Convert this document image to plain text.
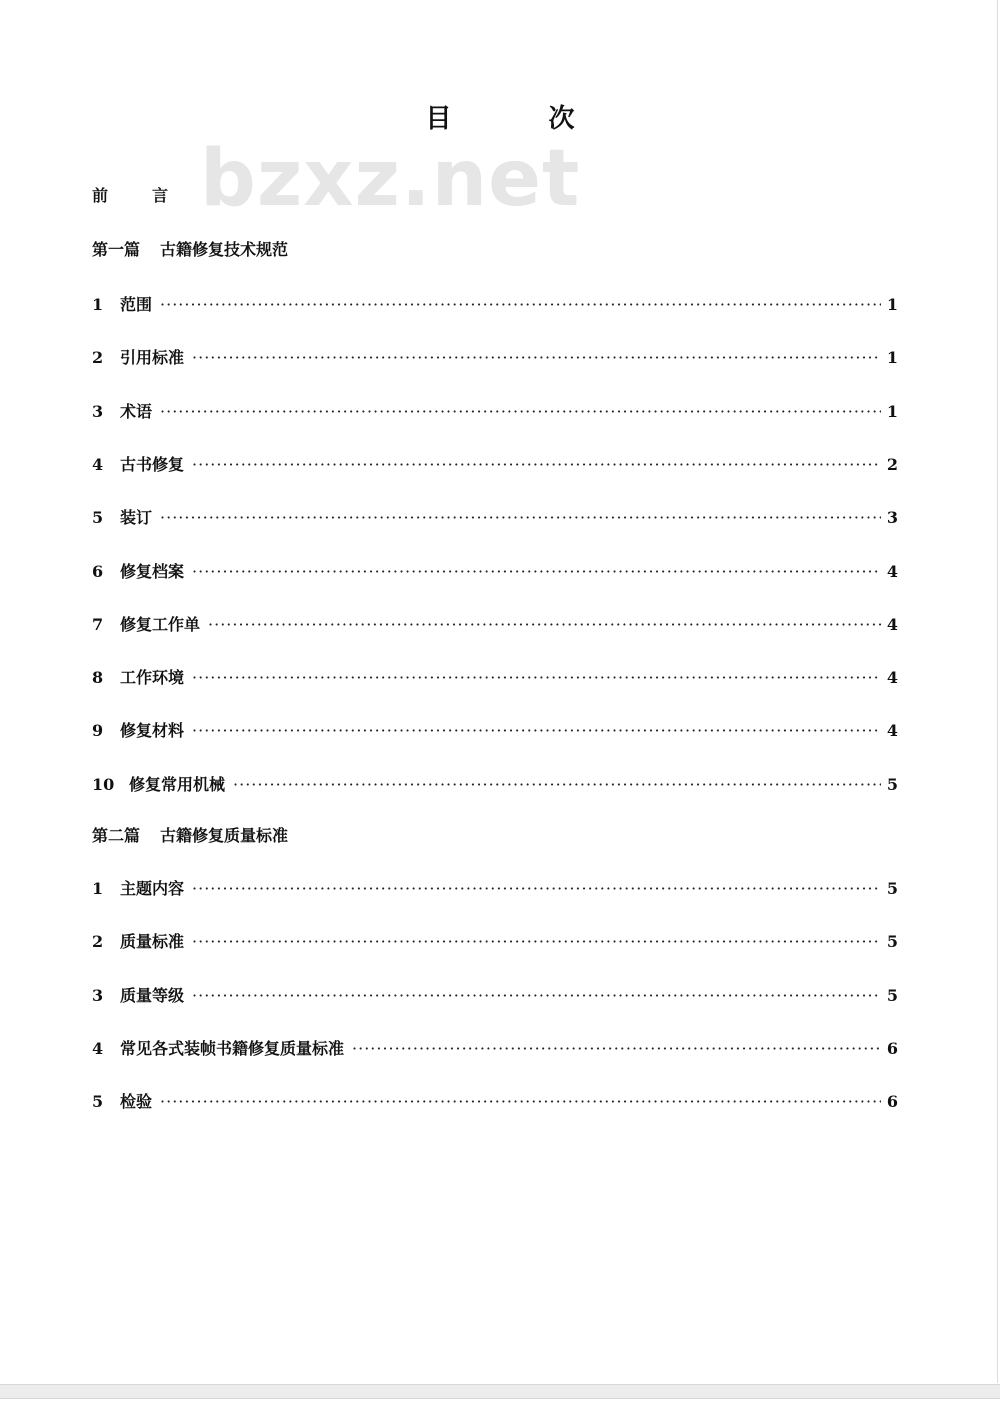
bzxz.net
目 次
前	言
第一篇 古籍修复技术规范
1	范围 ·····	1
2	引用标准 ·····	1
3	术语 ·····	1
4	古书修复 ·····	2
5	装订 ·····	3
6	修复档案 ·····	4
7	修复工作单 ·····	4
8	工作环境 ·····	4
9	修复材料 ·····	4
10 修复常用机械 ·····	5
第二篇 古籍修复质量标准
1	主题内容 ·····	5
2	质量标准 ·····	5
3	质量等级 ·····	5
4	常见各式装帧书籍修复质量标准 ·····	6
5	检验 ·····	6
